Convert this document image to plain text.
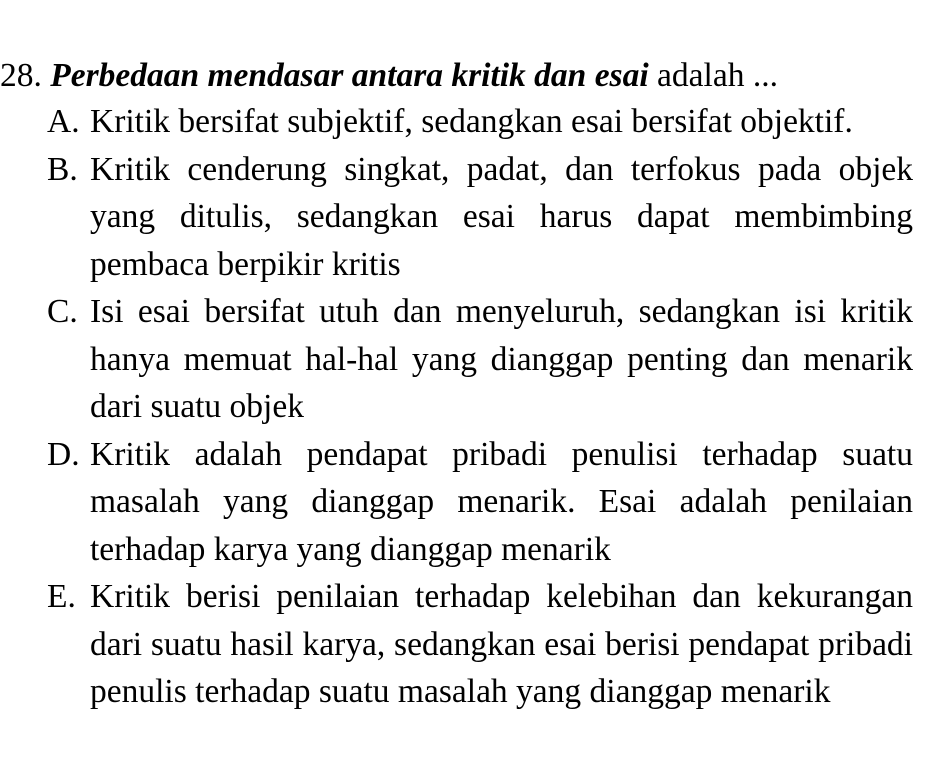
28. Perbedaan mendasar antara kritik dan esai adalah ...

A. Kritik bersifat subjektif, sedangkan esai bersifat objektif.

B. Kritik cenderung singkat, padat, dan terfokus pada objek yang ditulis, sedangkan esai harus dapat membimbing pembaca berpikir kritis

C. Isi esai bersifat utuh dan menyeluruh, sedangkan isi kritik hanya memuat hal-hal yang dianggap penting dan menarik dari suatu objek

D. Kritik adalah pendapat pribadi penulisi terhadap suatu masalah yang dianggap menarik. Esai adalah penilaian terhadap karya yang dianggap menarik

E. Kritik berisi penilaian terhadap kelebihan dan kekurangan dari suatu hasil karya, sedangkan esai berisi pendapat pribadi penulis terhadap suatu masalah yang dianggap menarik
